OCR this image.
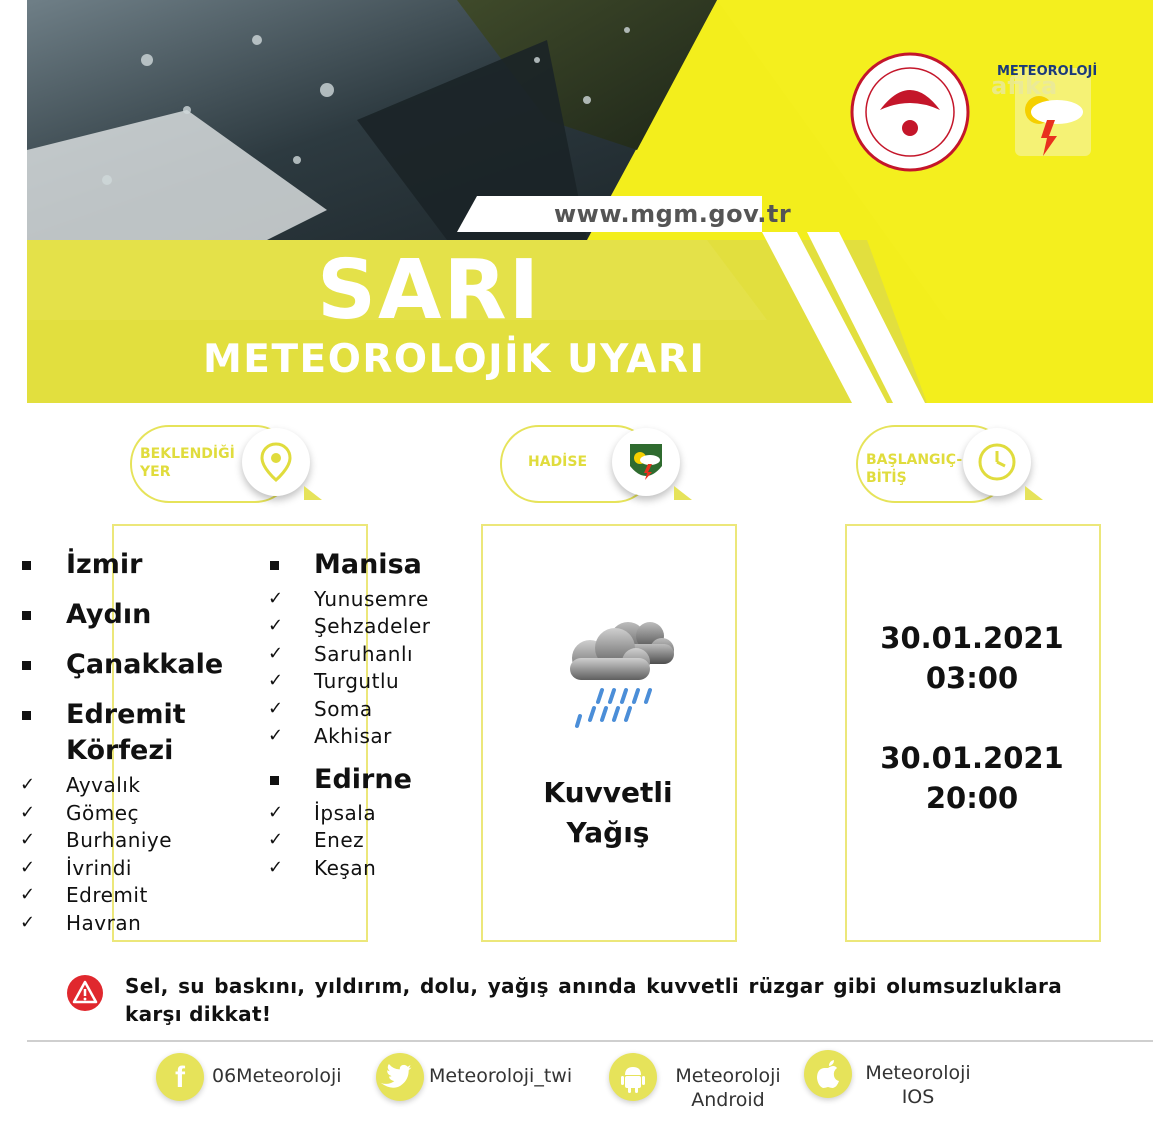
afika
METEOROLOJİ
www.mgm.gov.tr
SARI
METEOROLOJİK UYARI
BEKLENDİĞİ
YER
HADİSE	BAŞLANGIÇ-
BİTİŞ
İzmir
Aydın
Çanakkale
Edremit Körfezi
✓ Ayvalık
✓ Gömeç
✓ Burhaniye
✓ İvrindi
✓ Edremit
✓ Havran
Manisa
✓ Yunusemre
✓ Şehzadeler
✓ Saruhanlı
✓ Turgutlu
✓ Soma
✓ Akhisar
Edirne
✓ İpsala
✓ Enez
✓ Keşan
Kuvvetli
Yağış
30.01.2021
03:00
30.01.2021
20:00
Sel, su baskını, yıldırım, dolu, yağış anında kuvvetli rüzgar gibi olumsuzluklara karşı dikkat!
f 06Meteoroloji	Meteoroloji_twi	Meteoroloji
Android
Meteoroloji
IOS
